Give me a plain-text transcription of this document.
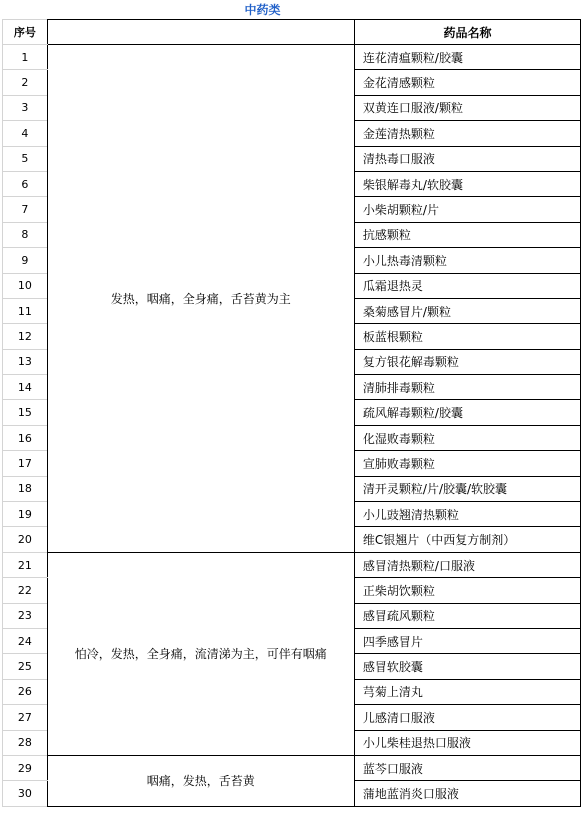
中药类
序号		药品名称
1	发热，咽痛，全身痛，舌苔黄为主	连花清瘟颗粒/胶囊
2		金花清感颗粒
3		双黄连口服液/颗粒
4		金莲清热颗粒
5		清热毒口服液
6		柴银解毒丸/软胶囊
7		小柴胡颗粒/片
8		抗感颗粒
9		小儿热毒清颗粒
10		瓜霜退热灵
11		桑菊感冒片/颗粒
12		板蓝根颗粒
13		复方银花解毒颗粒
14		清肺排毒颗粒
15		疏风解毒颗粒/胶囊
16		化湿败毒颗粒
17		宣肺败毒颗粒
18		清开灵颗粒/片/胶囊/软胶囊
19		小儿豉翘清热颗粒
20		维C银翘片（中西复方制剂）
21	怕冷，发热，全身痛，流清涕为主，可伴有咽痛	感冒清热颗粒/口服液
22		正柴胡饮颗粒
23		感冒疏风颗粒
24		四季感冒片
25		感冒软胶囊
26		芎菊上清丸
27		儿感清口服液
28		小儿柴桂退热口服液
29	咽痛，发热，舌苔黄	蓝芩口服液
30		蒲地蓝消炎口服液
